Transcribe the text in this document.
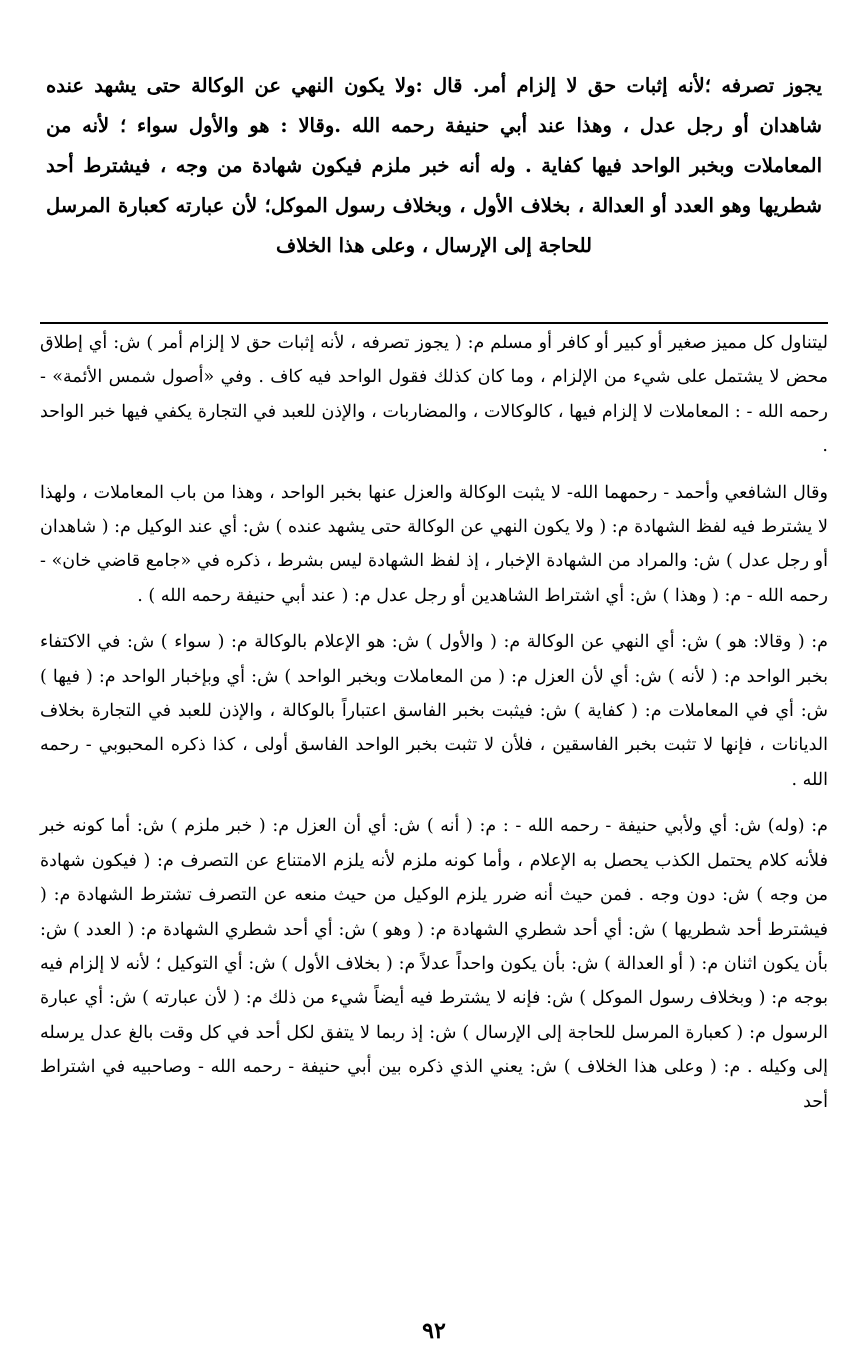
يجوز تصرفه ؛لأنه إثبات حق لا إلزام أمر. قال :ولا يكون النهي عن الوكالة حتى يشهد عنده شاهدان أو رجل عدل ، وهذا عند أبي حنيفة رحمه الله .وقالا : هو والأول سواء ؛ لأنه من المعاملات وبخبر الواحد فيها كفاية . وله أنه خبر ملزم فيكون شهادة من وجه ، فيشترط أحد شطريها وهو العدد أو العدالة ، بخلاف الأول ، وبخلاف رسول الموكل؛ لأن عبارته كعبارة المرسل للحاجة إلى الإرسال ، وعلى هذا الخلاف

ليتناول كل مميز صغير أو كبير أو كافر أو مسلم م: ( يجوز تصرفه ، لأنه إثبات حق لا إلزام أمر ) ش: أي إطلاق محض لا يشتمل على شيء من الإلزام ، وما كان كذلك فقول الواحد فيه كاف . وفي «أصول شمس الأئمة» - رحمه الله - : المعاملات لا إلزام فيها ، كالوكالات ، والمضاربات ، والإذن للعبد في التجارة يكفي فيها خبر الواحد .

وقال الشافعي وأحمد - رحمهما الله- لا يثبت الوكالة والعزل عنها بخبر الواحد ، وهذا من باب المعاملات ، ولهذا لا يشترط فيه لفظ الشهادة م: ( ولا يكون النهي عن الوكالة حتى يشهد عنده ) ش: أي عند الوكيل م: ( شاهدان أو رجل عدل ) ش: والمراد من الشهادة الإخبار ، إذ لفظ الشهادة ليس بشرط ، ذكره في «جامع قاضي خان» - رحمه الله - م: ( وهذا ) ش: أي اشتراط الشاهدين أو رجل عدل م: ( عند أبي حنيفة رحمه الله ) .

م: ( وقالا: هو ) ش: أي النهي عن الوكالة م: ( والأول ) ش: هو الإعلام بالوكالة م: ( سواء ) ش: في الاكتفاء بخبر الواحد م: ( لأنه ) ش: أي لأن العزل م: ( من المعاملات وبخبر الواحد ) ش: أي وبإخبار الواحد م: ( فيها ) ش: أي في المعاملات م: ( كفاية ) ش: فيثبت بخبر الفاسق اعتباراً بالوكالة ، والإذن للعبد في التجارة بخلاف الديانات ، فإنها لا تثبت بخبر الفاسقين ، فلأن لا تثبت بخبر الواحد الفاسق أولى ، كذا ذكره المحبوبي - رحمه الله .

م: (وله) ش: أي ولأبي حنيفة - رحمه الله - : م: ( أنه ) ش: أي أن العزل م: ( خبر ملزم ) ش: أما كونه خبر فلأنه كلام يحتمل الكذب يحصل به الإعلام ، وأما كونه ملزم لأنه يلزم الامتناع عن التصرف م: ( فيكون شهادة من وجه ) ش: دون وجه . فمن حيث أنه ضرر يلزم الوكيل من حيث منعه عن التصرف تشترط الشهادة م: ( فيشترط أحد شطريها ) ش: أي أحد شطري الشهادة م: ( وهو ) ش: أي أحد شطري الشهادة م: ( العدد ) ش: بأن يكون اثنان م: ( أو العدالة ) ش: بأن يكون واحداً عدلاً م: ( بخلاف الأول ) ش: أي التوكيل ؛ لأنه لا إلزام فيه بوجه م: ( وبخلاف رسول الموكل ) ش: فإنه لا يشترط فيه أيضاً شيء من ذلك م: ( لأن عبارته ) ش: أي عبارة الرسول م: ( كعبارة المرسل للحاجة إلى الإرسال ) ش: إذ ربما لا يتفق لكل أحد في كل وقت بالغ عدل يرسله إلى وكيله . م: ( وعلى هذا الخلاف ) ش: يعني الذي ذكره بين أبي حنيفة - رحمه الله - وصاحبيه في اشتراط أحد

٩٢
